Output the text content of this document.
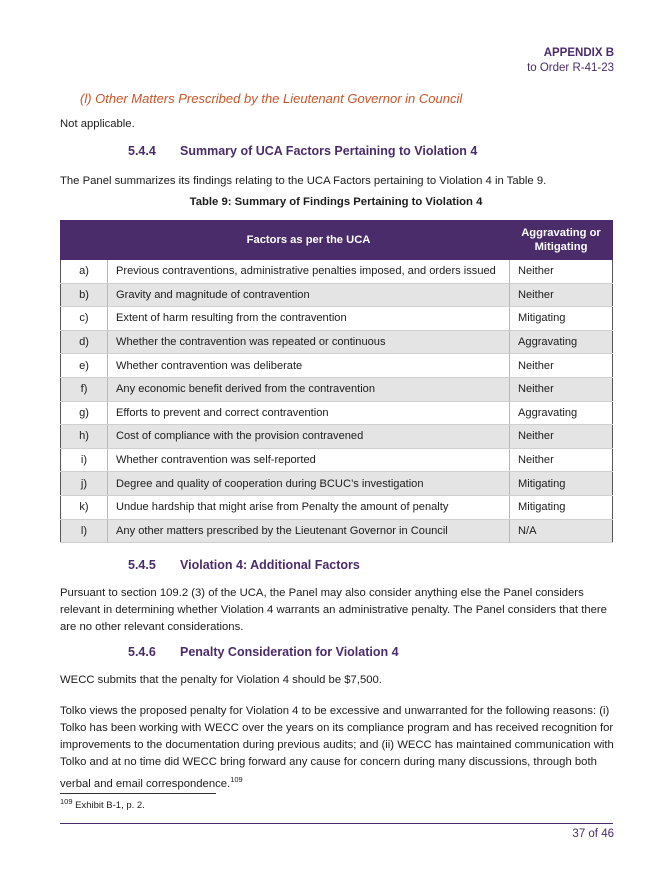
APPENDIX B
to Order R-41-23
(l) Other Matters Prescribed by the Lieutenant Governor in Council
Not applicable.
5.4.4 Summary of UCA Factors Pertaining to Violation 4
The Panel summarizes its findings relating to the UCA Factors pertaining to Violation 4 in Table 9.
Table 9: Summary of Findings Pertaining to Violation 4
	Factors as per the UCA	Aggravating or Mitigating
a)	Previous contraventions, administrative penalties imposed, and orders issued	Neither
b)	Gravity and magnitude of contravention	Neither
c)	Extent of harm resulting from the contravention	Mitigating
d)	Whether the contravention was repeated or continuous	Aggravating
e)	Whether contravention was deliberate	Neither
f)	Any economic benefit derived from the contravention	Neither
g)	Efforts to prevent and correct contravention	Aggravating
h)	Cost of compliance with the provision contravened	Neither
i)	Whether contravention was self-reported	Neither
j)	Degree and quality of cooperation during BCUC’s investigation	Mitigating
k)	Undue hardship that might arise from Penalty the amount of penalty	Mitigating
l)	Any other matters prescribed by the Lieutenant Governor in Council	N/A
5.4.5 Violation 4: Additional Factors
Pursuant to section 109.2 (3) of the UCA, the Panel may also consider anything else the Panel considers relevant in determining whether Violation 4 warrants an administrative penalty. The Panel considers that there are no other relevant considerations.
5.4.6 Penalty Consideration for Violation 4
WECC submits that the penalty for Violation 4 should be $7,500.
Tolko views the proposed penalty for Violation 4 to be excessive and unwarranted for the following reasons: (i) Tolko has been working with WECC over the years on its compliance program and has received recognition for improvements to the documentation during previous audits; and (ii) WECC has maintained communication with Tolko and at no time did WECC bring forward any cause for concern during many discussions, through both verbal and email correspondence.$^{109}$
$^{109}$ Exhibit B-1, p. 2.
37 of 46
